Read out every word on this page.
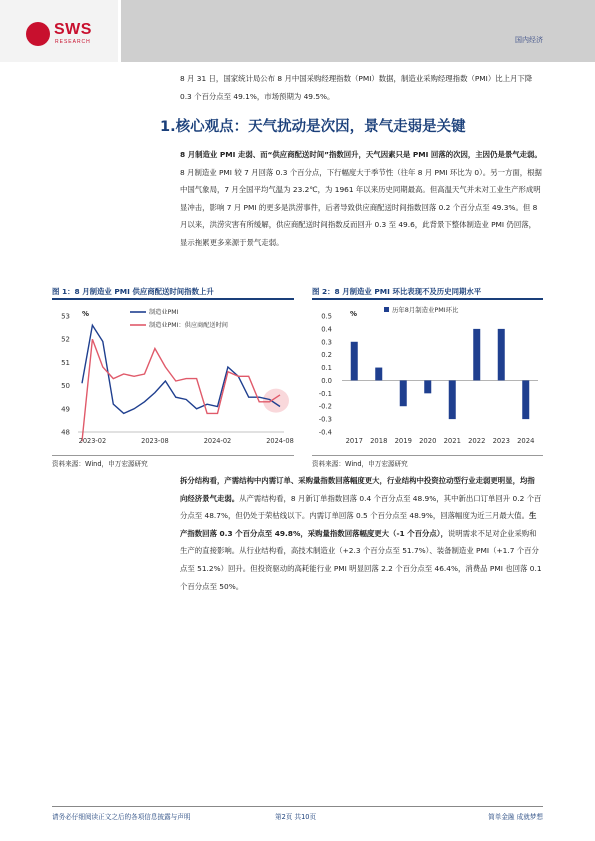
SWS
RESEARCH	国内经济

8 月 31 日，国家统计局公布 8 月中国采购经理指数（PMI）数据，制造业采购经理指数（PMI）比上月下降 0.3 个百分点至 49.1%，市场预期为 49.5%。

1.核心观点：天气扰动是次因，景气走弱是关键

8 月制造业 PMI 走弱、而“供应商配送时间”指数回升，天气因素只是 PMI 回落的次因，主因仍是景气走弱。8 月制造业 PMI 较 7 月回落 0.3 个百分点，下行幅度大于季节性（往年 8 月 PMI 环比为 0）。另一方面，根据中国气象局，7 月全国平均气温为 23.2℃，为 1961 年以来历史同期最高。但高温天气并未对工业生产形成明显冲击，影响 7 月 PMI 的更多是洪涝事件，后者导致供应商配送时间指数回落 0.2 个百分点至 49.3%。但 8 月以来，洪涝灾害有所缓解，供应商配送时间指数反而回升 0.3 至 49.6，此背景下整体制造业 PMI 仍回落，显示拖累更多来源于景气走弱。

图 1：8 月制造业 PMI 供应商配送时间指数上升
%
48
49
50
51
52
53
2023-02	2023-08	2024-02	2024-08
制造业PMI
制造业PMI：供应商配送时间
资料来源：Wind，申万宏源研究
图 2：8 月制造业 PMI 环比表现不及历史同期水平
%
-0.4
-0.3
-0.2
-0.1
0.0
0.1
0.2
0.3
0.4
0.5
2017 2018 2019 2020 2021 2022 2023 2024
历年8月制造业PMI环比
资料来源：Wind，申万宏源研究

拆分结构看，产需结构中内需订单、采购量指数回落幅度更大，行业结构中投资拉动型行业走弱更明显，均指向经济景气走弱。从产需结构看，8 月新订单指数回落 0.4 个百分点至 48.9%，其中新出口订单回升 0.2 个百分点至 48.7%，但仍处于荣枯线以下。内需订单回落 0.5 个百分点至 48.9%，回落幅度为近三月最大值。生产指数回落 0.3 个百分点至 49.8%，采购量指数回落幅度更大（-1 个百分点），说明需求不足对企业采购和生产的直接影响。从行业结构看，高技术制造业（+2.3 个百分点至 51.7%）、装备制造业 PMI（+1.7 个百分点至 51.2%）回升。但投资驱动的高耗能行业 PMI 明显回落 2.2 个百分点至 46.4%，消费品 PMI 也回落 0.1 个百分点至 50%。

请务必仔细阅读正文之后的各项信息披露与声明	第2页 共10页	简单金融 成就梦想
